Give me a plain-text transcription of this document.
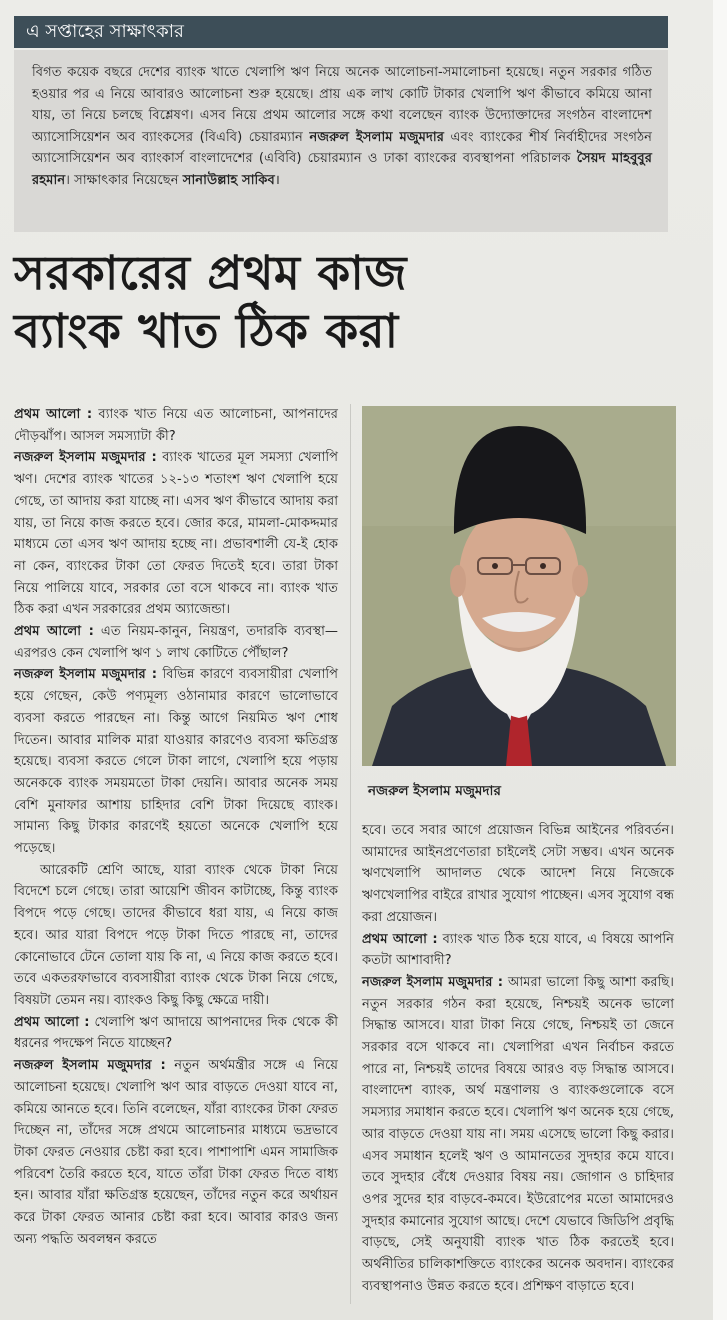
এ সপ্তাহের সাক্ষাৎকার
বিগত কয়েক বছরে দেশের ব্যাংক খাতে খেলাপি ঋণ নিয়ে অনেক আলোচনা-সমালোচনা হয়েছে। নতুন সরকার গঠিত হওয়ার পর এ নিয়ে আবারও আলোচনা শুরু হয়েছে। প্রায় এক লাখ কোটি টাকার খেলাপি ঋণ কীভাবে কমিয়ে আনা যায়, তা নিয়ে চলছে বিশ্লেষণ। এসব নিয়ে প্রথম আলোর সঙ্গে কথা বলেছেন ব্যাংক উদ্যোক্তাদের সংগঠন বাংলাদেশ অ্যাসোসিয়েশন অব ব্যাংকসের (বিএবি) চেয়ারম্যান নজরুল ইসলাম মজুমদার এবং ব্যাংকের শীর্ষ নির্বাহীদের সংগঠন অ্যাসোসিয়েশন অব ব্যাংকার্স বাংলাদেশের (এবিবি) চেয়ারম্যান ও ঢাকা ব্যাংকের ব্যবস্থাপনা পরিচালক সৈয়দ মাহবুবুর রহমান। সাক্ষাৎকার নিয়েছেন সানাউল্লাহ সাকিব।
সরকারের প্রথম কাজ
ব্যাংক খাত ঠিক করা

প্রথম আলো : ব্যাংক খাত নিয়ে এত আলোচনা, আপনাদের দৌড়ঝাঁপ। আসল সমস্যাটা কী?

নজরুল ইসলাম মজুমদার : ব্যাংক খাতের মূল সমস্যা খেলাপি ঋণ। দেশের ব্যাংক খাতের ১২-১৩ শতাংশ ঋণ খেলাপি হয়ে গেছে, তা আদায় করা যাচ্ছে না। এসব ঋণ কীভাবে আদায় করা যায়, তা নিয়ে কাজ করতে হবে। জোর করে, মামলা-মোকদ্দমার মাধ্যমে তো এসব ঋণ আদায় হচ্ছে না। প্রভাবশালী যে-ই হোক না কেন, ব্যাংকের টাকা তো ফেরত দিতেই হবে। তারা টাকা নিয়ে পালিয়ে যাবে, সরকার তো বসে থাকবে না। ব্যাংক খাত ঠিক করা এখন সরকারের প্রথম অ্যাজেন্ডা।

প্রথম আলো : এত নিয়ম-কানুন, নিয়ন্ত্রণ, তদারকি ব্যবস্থা—এরপরও কেন খেলাপি ঋণ ১ লাখ কোটিতে পৌঁছাল?

নজরুল ইসলাম মজুমদার : বিভিন্ন কারণে ব্যবসায়ীরা খেলাপি হয়ে গেছেন, কেউ পণ্যমূল্য ওঠানামার কারণে ভালোভাবে ব্যবসা করতে পারছেন না। কিন্তু আগে নিয়মিত ঋণ শোধ দিতেন। আবার মালিক মারা যাওয়ার কারণেও ব্যবসা ক্ষতিগ্রস্ত হয়েছে। ব্যবসা করতে গেলে টাকা লাগে, খেলাপি হয়ে পড়ায় অনেককে ব্যাংক সময়মতো টাকা দেয়নি। আবার অনেক সময় বেশি মুনাফার আশায় চাহিদার বেশি টাকা দিয়েছে ব্যাংক। সামান্য কিছু টাকার কারণেই হয়তো অনেকে খেলাপি হয়ে পড়েছে।

আরেকটি শ্রেণি আছে, যারা ব্যাংক থেকে টাকা নিয়ে বিদেশে চলে গেছে। তারা আয়েশি জীবন কাটাচ্ছে, কিন্তু ব্যাংক বিপদে পড়ে গেছে। তাদের কীভাবে ধরা যায়, এ নিয়ে কাজ হবে। আর যারা বিপদে পড়ে টাকা দিতে পারছে না, তাদের কোনোভাবে টেনে তোলা যায় কি না, এ নিয়ে কাজ করতে হবে। তবে একতরফাভাবে ব্যবসায়ীরা ব্যাংক থেকে টাকা নিয়ে গেছে, বিষয়টা তেমন নয়। ব্যাংকও কিছু কিছু ক্ষেত্রে দায়ী।

প্রথম আলো : খেলাপি ঋণ আদায়ে আপনাদের দিক থেকে কী ধরনের পদক্ষেপ নিতে যাচ্ছেন?

নজরুল ইসলাম মজুমদার : নতুন অর্থমন্ত্রীর সঙ্গে এ নিয়ে আলোচনা হয়েছে। খেলাপি ঋণ আর বাড়তে দেওয়া যাবে না, কমিয়ে আনতে হবে। তিনি বলেছেন, যাঁরা ব্যাংকের টাকা ফেরত দিচ্ছেন না, তাঁদের সঙ্গে প্রথমে আলোচনার মাধ্যমে ভদ্রভাবে টাকা ফেরত নেওয়ার চেষ্টা করা হবে। পাশাপাশি এমন সামাজিক পরিবেশ তৈরি করতে হবে, যাতে তাঁরা টাকা ফেরত দিতে বাধ্য হন। আবার যাঁরা ক্ষতিগ্রস্ত হয়েছেন, তাঁদের নতুন করে অর্থায়ন করে টাকা ফেরত আনার চেষ্টা করা হবে। আবার কারও জন্য অন্য পদ্ধতি অবলম্বন করতে

নজরুল ইসলাম মজুমদার

হবে। তবে সবার আগে প্রয়োজন বিভিন্ন আইনের পরিবর্তন। আমাদের আইনপ্রণেতারা চাইলেই সেটা সম্ভব। এখন অনেক ঋণখেলাপি আদালত থেকে আদেশ নিয়ে নিজেকে ঋণখেলাপির বাইরে রাখার সুযোগ পাচ্ছেন। এসব সুযোগ বন্ধ করা প্রয়োজন।

প্রথম আলো : ব্যাংক খাত ঠিক হয়ে যাবে, এ বিষয়ে আপনি কতটা আশাবাদী?

নজরুল ইসলাম মজুমদার : আমরা ভালো কিছু আশা করছি। নতুন সরকার গঠন করা হয়েছে, নিশ্চয়ই অনেক ভালো সিদ্ধান্ত আসবে। যারা টাকা নিয়ে গেছে, নিশ্চয়ই তা জেনে সরকার বসে থাকবে না। খেলাপিরা এখন নির্বাচন করতে পারে না, নিশ্চয়ই তাদের বিষয়ে আরও বড় সিদ্ধান্ত আসবে। বাংলাদেশ ব্যাংক, অর্থ মন্ত্রণালয় ও ব্যাংকগুলোকে বসে সমস্যার সমাধান করতে হবে। খেলাপি ঋণ অনেক হয়ে গেছে, আর বাড়তে দেওয়া যায় না। সময় এসেছে ভালো কিছু করার। এসব সমাধান হলেই ঋণ ও আমানতের সুদহার কমে যাবে। তবে সুদহার বেঁধে দেওয়ার বিষয় নয়। জোগান ও চাহিদার ওপর সুদের হার বাড়বে-কমবে। ইউরোপের মতো আমাদেরও সুদহার কমানোর সুযোগ আছে। দেশে যেভাবে জিডিপি প্রবৃদ্ধি বাড়ছে, সেই অনুযায়ী ব্যাংক খাত ঠিক করতেই হবে। অর্থনীতির চালিকাশক্তিতে ব্যাংকের অনেক অবদান। ব্যাংকের ব্যবস্থাপনাও উন্নত করতে হবে। প্রশিক্ষণ বাড়াতে হবে।
